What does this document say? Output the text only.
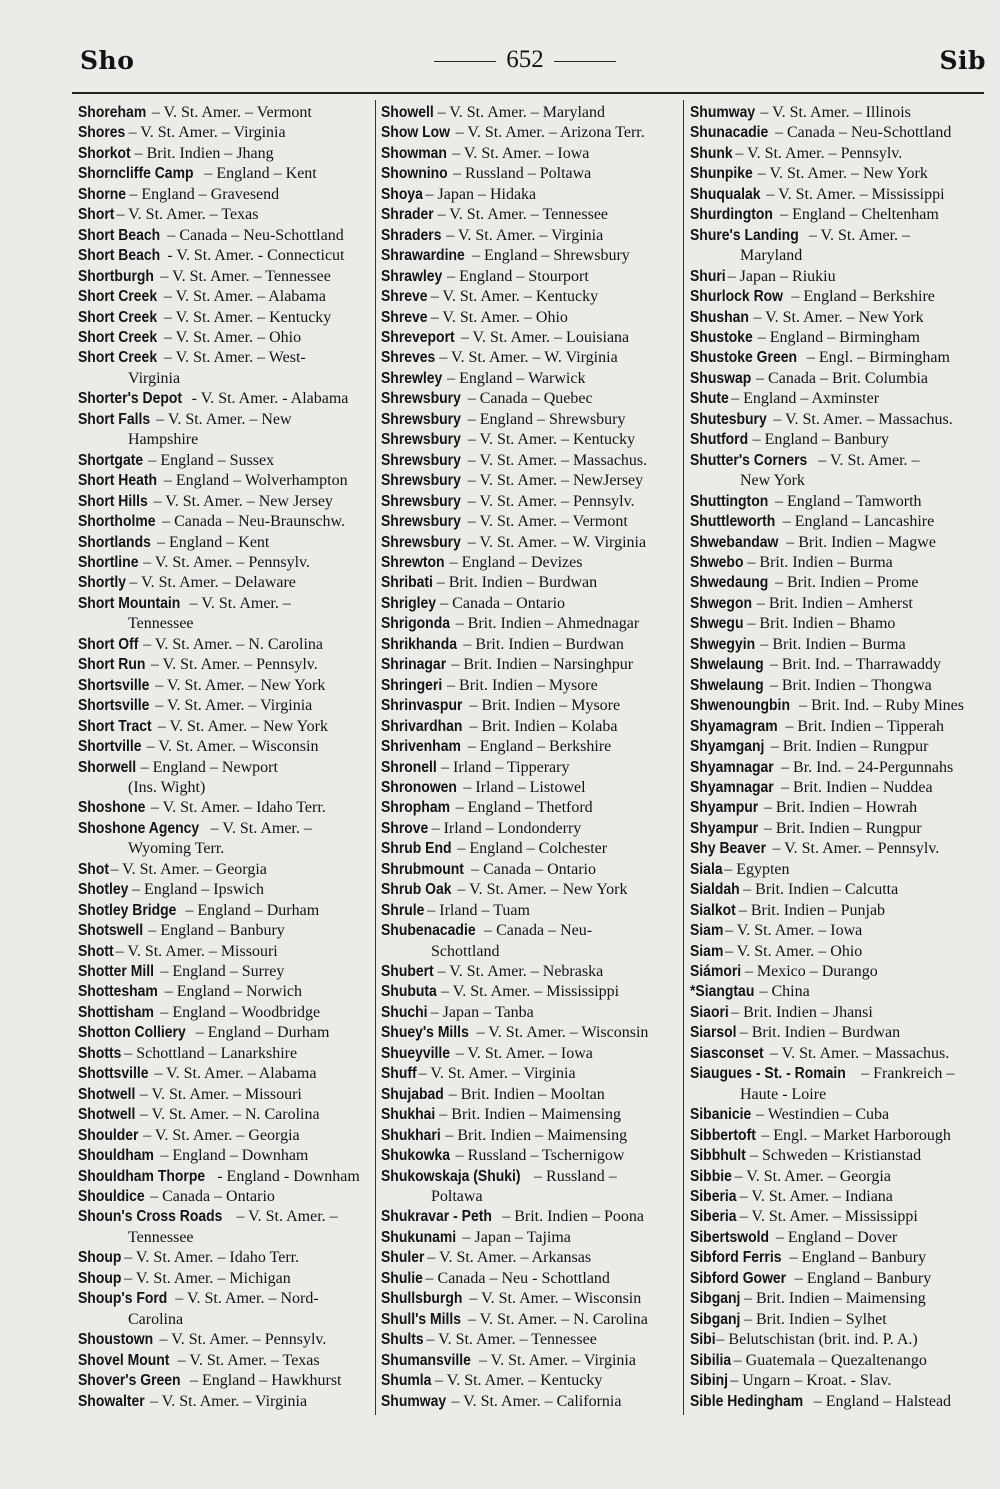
Sho	652	Sib
Shoreham – V. St. Amer. – Vermont
Shores – V. St. Amer. – Virginia
Shorkot – Brit. Indien – Jhang
Shorncliffe Camp – England – Kent
Shorne – England – Gravesend
Short – V. St. Amer. – Texas
Short Beach – Canada – Neu-Schottland
Short Beach - V. St. Amer. - Connecticut
Shortburgh – V. St. Amer. – Tennessee
Short Creek – V. St. Amer. – Alabama
Short Creek – V. St. Amer. – Kentucky
Short Creek – V. St. Amer. – Ohio
Short Creek – V. St. Amer. – West-
Virginia
Shorter's Depot - V. St. Amer. - Alabama
Short Falls – V. St. Amer. – New
Hampshire
Shortgate – England – Sussex
Short Heath – England – Wolverhampton
Short Hills – V. St. Amer. – New Jersey
Shortholme – Canada – Neu-Braunschw.
Shortlands – England – Kent
Shortline – V. St. Amer. – Pennsylv.
Shortly – V. St. Amer. – Delaware
Short Mountain – V. St. Amer. –
Tennessee
Short Off – V. St. Amer. – N. Carolina
Short Run – V. St. Amer. – Pennsylv.
Shortsville – V. St. Amer. – New York
Shortsville – V. St. Amer. – Virginia
Short Tract – V. St. Amer. – New York
Shortville – V. St. Amer. – Wisconsin
Shorwell – England – Newport
(Ins. Wight)
Shoshone – V. St. Amer. – Idaho Terr.
Shoshone Agency – V. St. Amer. –
Wyoming Terr.
Shot – V. St. Amer. – Georgia
Shotley – England – Ipswich
Shotley Bridge – England – Durham
Shotswell – England – Banbury
Shott – V. St. Amer. – Missouri
Shotter Mill – England – Surrey
Shottesham – England – Norwich
Shottisham – England – Woodbridge
Shotton Colliery – England – Durham
Shotts – Schottland – Lanarkshire
Shottsville – V. St. Amer. – Alabama
Shotwell – V. St. Amer. – Missouri
Shotwell – V. St. Amer. – N. Carolina
Shoulder – V. St. Amer. – Georgia
Shouldham – England – Downham
Shouldham Thorpe - England - Downham
Shouldice – Canada – Ontario
Shoun's Cross Roads – V. St. Amer. –
Tennessee
Shoup – V. St. Amer. – Idaho Terr.
Shoup – V. St. Amer. – Michigan
Shoup's Ford – V. St. Amer. – Nord-
Carolina
Shoustown – V. St. Amer. – Pennsylv.
Shovel Mount – V. St. Amer. – Texas
Shover's Green – England – Hawkhurst
Showalter – V. St. Amer. – Virginia
Showell – V. St. Amer. – Maryland
Show Low – V. St. Amer. – Arizona Terr.
Showman – V. St. Amer. – Iowa
Shownino – Russland – Poltawa
Shoya – Japan – Hidaka
Shrader – V. St. Amer. – Tennessee
Shraders – V. St. Amer. – Virginia
Shrawardine – England – Shrewsbury
Shrawley – England – Stourport
Shreve – V. St. Amer. – Kentucky
Shreve – V. St. Amer. – Ohio
Shreveport – V. St. Amer. – Louisiana
Shreves – V. St. Amer. – W. Virginia
Shrewley – England – Warwick
Shrewsbury – Canada – Quebec
Shrewsbury – England – Shrewsbury
Shrewsbury – V. St. Amer. – Kentucky
Shrewsbury – V. St. Amer. – Massachus.
Shrewsbury – V. St. Amer. – NewJersey
Shrewsbury – V. St. Amer. – Pennsylv.
Shrewsbury – V. St. Amer. – Vermont
Shrewsbury – V. St. Amer. – W. Virginia
Shrewton – England – Devizes
Shribati – Brit. Indien – Burdwan
Shrigley – Canada – Ontario
Shrigonda – Brit. Indien – Ahmednagar
Shrikhanda – Brit. Indien – Burdwan
Shrinagar – Brit. Indien – Narsinghpur
Shringeri – Brit. Indien – Mysore
Shrinvaspur – Brit. Indien – Mysore
Shrivardhan – Brit. Indien – Kolaba
Shrivenham – England – Berkshire
Shronell – Irland – Tipperary
Shronowen – Irland – Listowel
Shropham – England – Thetford
Shrove – Irland – Londonderry
Shrub End – England – Colchester
Shrubmount – Canada – Ontario
Shrub Oak – V. St. Amer. – New York
Shrule – Irland – Tuam
Shubenacadie – Canada – Neu-
Schottland
Shubert – V. St. Amer. – Nebraska
Shubuta – V. St. Amer. – Mississippi
Shuchi – Japan – Tanba
Shuey's Mills – V. St. Amer. – Wisconsin
Shueyville – V. St. Amer. – Iowa
Shuff – V. St. Amer. – Virginia
Shujabad – Brit. Indien – Mooltan
Shukhai – Brit. Indien – Maimensing
Shukhari – Brit. Indien – Maimensing
Shukowka – Russland – Tschernigow
Shukowskaja (Shuki) – Russland –
Poltawa
Shukravar - Peth – Brit. Indien – Poona
Shukunami – Japan – Tajima
Shuler – V. St. Amer. – Arkansas
Shulie – Canada – Neu - Schottland
Shullsburgh – V. St. Amer. – Wisconsin
Shull's Mills – V. St. Amer. – N. Carolina
Shults – V. St. Amer. – Tennessee
Shumansville – V. St. Amer. – Virginia
Shumla – V. St. Amer. – Kentucky
Shumway – V. St. Amer. – California
Shumway – V. St. Amer. – Illinois
Shunacadie – Canada – Neu-Schottland
Shunk – V. St. Amer. – Pennsylv.
Shunpike – V. St. Amer. – New York
Shuqualak – V. St. Amer. – Mississippi
Shurdington – England – Cheltenham
Shure's Landing – V. St. Amer. –
Maryland
Shuri – Japan – Riukiu
Shurlock Row – England – Berkshire
Shushan – V. St. Amer. – New York
Shustoke – England – Birmingham
Shustoke Green – Engl. – Birmingham
Shuswap – Canada – Brit. Columbia
Shute – England – Axminster
Shutesbury – V. St. Amer. – Massachus.
Shutford – England – Banbury
Shutter's Corners – V. St. Amer. –
New York
Shuttington – England – Tamworth
Shuttleworth – England – Lancashire
Shwebandaw – Brit. Indien – Magwe
Shwebo – Brit. Indien – Burma
Shwedaung – Brit. Indien – Prome
Shwegon – Brit. Indien – Amherst
Shwegu – Brit. Indien – Bhamo
Shwegyin – Brit. Indien – Burma
Shwelaung – Brit. Ind. – Tharrawaddy
Shwelaung – Brit. Indien – Thongwa
Shwenoungbin – Brit. Ind. – Ruby Mines
Shyamagram – Brit. Indien – Tipperah
Shyamganj – Brit. Indien – Rungpur
Shyamnagar – Br. Ind. – 24-Pergunnahs
Shyamnagar – Brit. Indien – Nuddea
Shyampur – Brit. Indien – Howrah
Shyampur – Brit. Indien – Rungpur
Shy Beaver – V. St. Amer. – Pennsylv.
Siala – Egypten
Sialdah – Brit. Indien – Calcutta
Sialkot – Brit. Indien – Punjab
Siam – V. St. Amer. – Iowa
Siam – V. St. Amer. – Ohio
Siámori – Mexico – Durango
*Siangtau – China
Siaori – Brit. Indien – Jhansi
Siarsol – Brit. Indien – Burdwan
Siasconset – V. St. Amer. – Massachus.
Siaugues - St. - Romain – Frankreich –
Haute - Loire
Sibanicie – Westindien – Cuba
Sibbertoft – Engl. – Market Harborough
Sibbhult – Schweden – Kristianstad
Sibbie – V. St. Amer. – Georgia
Siberia – V. St. Amer. – Indiana
Siberia – V. St. Amer. – Mississippi
Sibertswold – England – Dover
Sibford Ferris – England – Banbury
Sibford Gower – England – Banbury
Sibganj – Brit. Indien – Maimensing
Sibganj – Brit. Indien – Sylhet
Sibi – Belutschistan (brit. ind. P. A.)
Sibilia – Guatemala – Quezaltenango
Sibinj – Ungarn – Kroat. - Slav.
Sible Hedingham – England – Halstead
